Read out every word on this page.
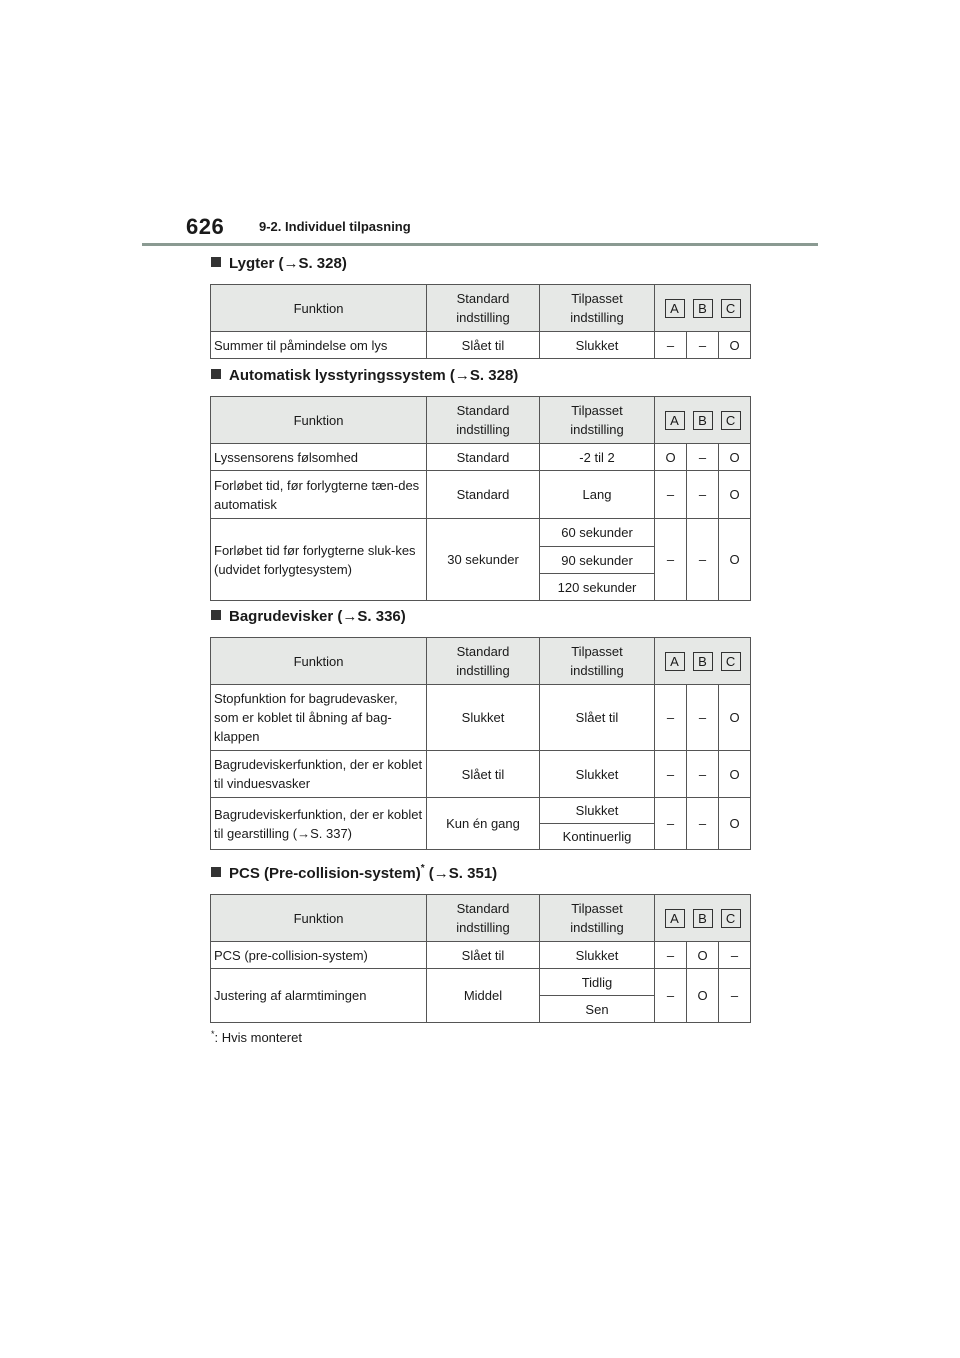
626	9-2. Individuel tilpasning
Lygter (→S. 328)
Funktion	Standard indstilling	Tilpasset indstilling	A B C		

Summer til påmindelse om lys	Slået til	Slukket	–	–	O
Automatisk lysstyringssystem (→S. 328)
Funktion	Standard indstilling	Tilpasset indstilling	A B C		

Lyssensorens følsomhed	Standard	-2 til 2	O	–	O
Forløbet tid, før forlygterne tæn-des automatisk	Standard	Lang	–	–	O
Forløbet tid før forlygterne sluk-kes (udvidet forlygtesystem)	30 sekunder	60 sekunder	–	–	O
		90 sekunder			
		120 sekunder			
Bagrudevisker (→S. 336)
Funktion	Standard indstilling	Tilpasset indstilling	A B C		

Stopfunktion for bagrudevasker, som er koblet til åbning af bag-klappen	Slukket	Slået til	–	–	O
Bagrudeviskerfunktion, der er koblet til vinduesvasker	Slået til	Slukket	–	–	O
Bagrudeviskerfunktion, der er koblet til gearstilling (→S. 337)	Kun én gang	Slukket	–	–	O
		Kontinuerlig			
PCS (Pre-collision-system)* (→S. 351)
Funktion	Standard indstilling	Tilpasset indstilling	A B C		

PCS (pre-collision-system)	Slået til	Slukket	–	O	–
Justering af alarmtimingen	Middel	Tidlig	–	O	–
		Sen			
*: Hvis monteret
